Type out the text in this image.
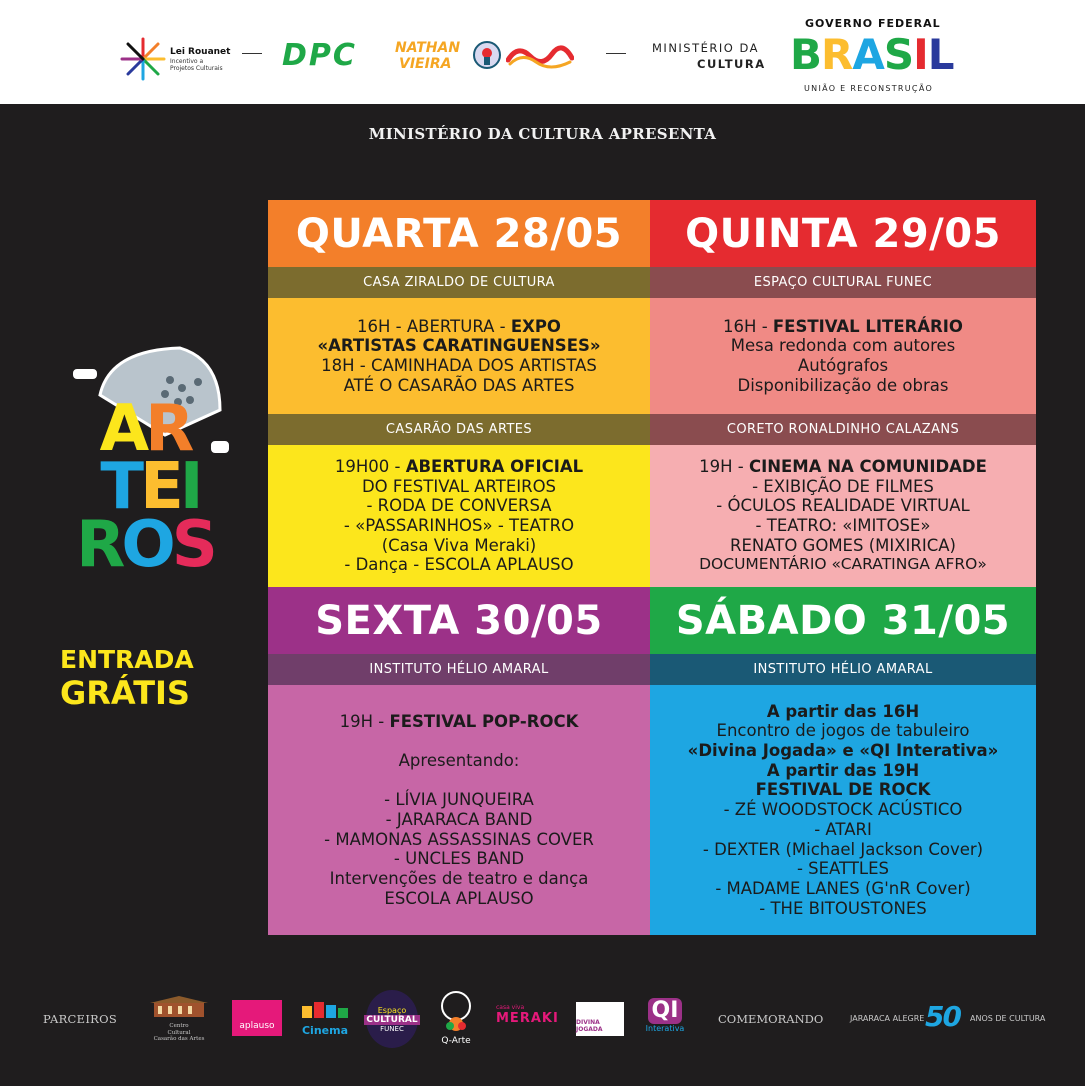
Lei Rouanet
Incentivo a
Projetos Culturais DPC	NATHAN
VIEIRA
MINISTÉRIO DA
CULTURA
GOVERNO FEDERAL
B R A S I L
UNIÃO E RECONSTRUÇÃO
MINISTÉRIO DA CULTURA APRESENTA
AR
TEI
ROS
ENTRADA
GRÁTIS
QUARTA 28/05
CASA ZIRALDO DE CULTURA
16H - ABERTURA - EXPO
«ARTISTAS CARATINGUENSES»
18H - CAMINHADA DOS ARTISTAS
ATÉ O CASARÃO DAS ARTES
CASARÃO DAS ARTES
19H00 - ABERTURA OFICIAL
DO FESTIVAL ARTEIROS
- RODA DE CONVERSA
- «PASSARINHOS» - TEATRO
(Casa Viva Meraki)
- Dança - ESCOLA APLAUSO
QUINTA 29/05
ESPAÇO CULTURAL FUNEC
16H - FESTIVAL LITERÁRIO
Mesa redonda com autores
Autógrafos
Disponibilização de obras
CORETO RONALDINHO CALAZANS
19H - CINEMA NA COMUNIDADE
- EXIBIÇÃO DE FILMES
- ÓCULOS REALIDADE VIRTUAL
- TEATRO: «IMITOSE»
RENATO GOMES (MIXIRICA)
DOCUMENTÁRIO «CARATINGA AFRO»
SEXTA 30/05
INSTITUTO HÉLIO AMARAL
19H - FESTIVAL POP-ROCK
Apresentando:
- LÍVIA JUNQUEIRA
- JARARACA BAND
- MAMONAS ASSASSINAS COVER
- UNCLES BAND
Intervenções de teatro e dança
ESCOLA APLAUSO
SÁBADO 31/05
INSTITUTO HÉLIO AMARAL
A partir das 16H
Encontro de jogos de tabuleiro
«Divina Jogada» e «QI Interativa»
A partir das 19H
FESTIVAL DE ROCK
- ZÉ WOODSTOCK ACÚSTICO
- ATARI
- DEXTER (Michael Jackson Cover)
- SEATTLES
- MADAME LANES (G'nR Cover)
- THE BITOUSTONES
PARCEIROS	Centro
Cultural
Casarão das Artes
aplauso	Cinema
Espaço
CULTURAL
FUNEC
Q-Arte
casa viva
MERAKI	DIVINA JOGADA
QI
Interativa
COMEMORANDO	JARARACA ALEGRE 50 ANOS DE CULTURA
